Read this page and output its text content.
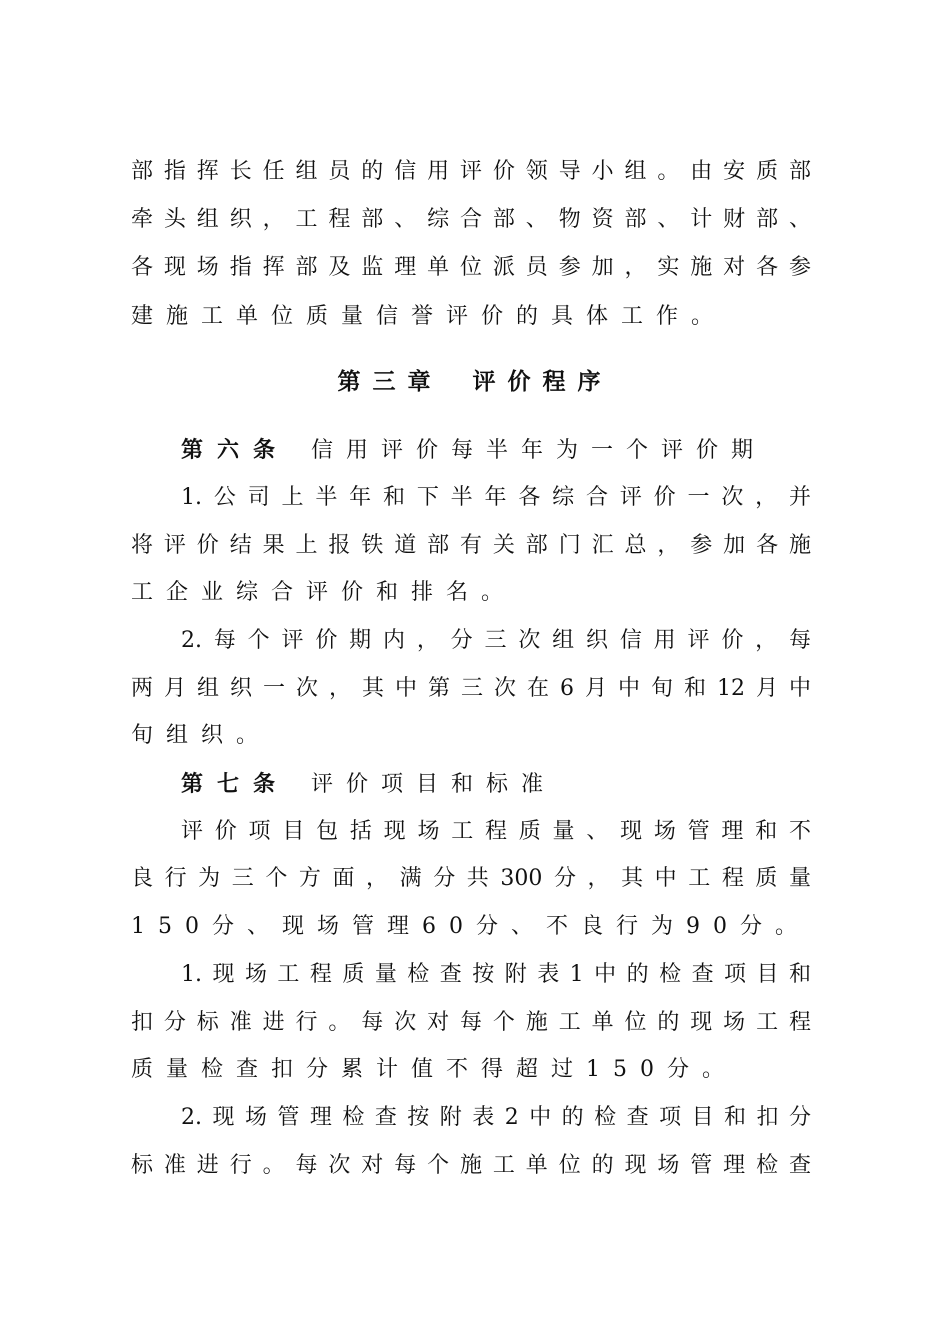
部指挥长任组员的信用评价领导小组。由安质部
牵头组织，工程部、综合部、物资部、计财部、
各现场指挥部及监理单位派员参加，实施对各参
建施工单位质量信誉评价的具体工作。
第三章 评价程序
第六条 信用评价每半年为一个评价期
1.公司上半年和下半年各综合评价一次，并
将评价结果上报铁道部有关部门汇总，参加各施
工企业综合评价和排名。
2.每个评价期内，分三次组织信用评价，每
两月组织一次，其中第三次在6月中旬和12月中
旬组织。
第七条 评价项目和标准
评价项目包括现场工程质量、现场管理和不
良行为三个方面，满分共300分，其中工程质量
150分、现场管理60分、不良行为90分。
1.现场工程质量检查按附表1中的检查项目和
扣分标准进行。每次对每个施工单位的现场工程
质量检查扣分累计值不得超过150分。
2.现场管理检查按附表2中的检查项目和扣分
标准进行。每次对每个施工单位的现场管理检查
